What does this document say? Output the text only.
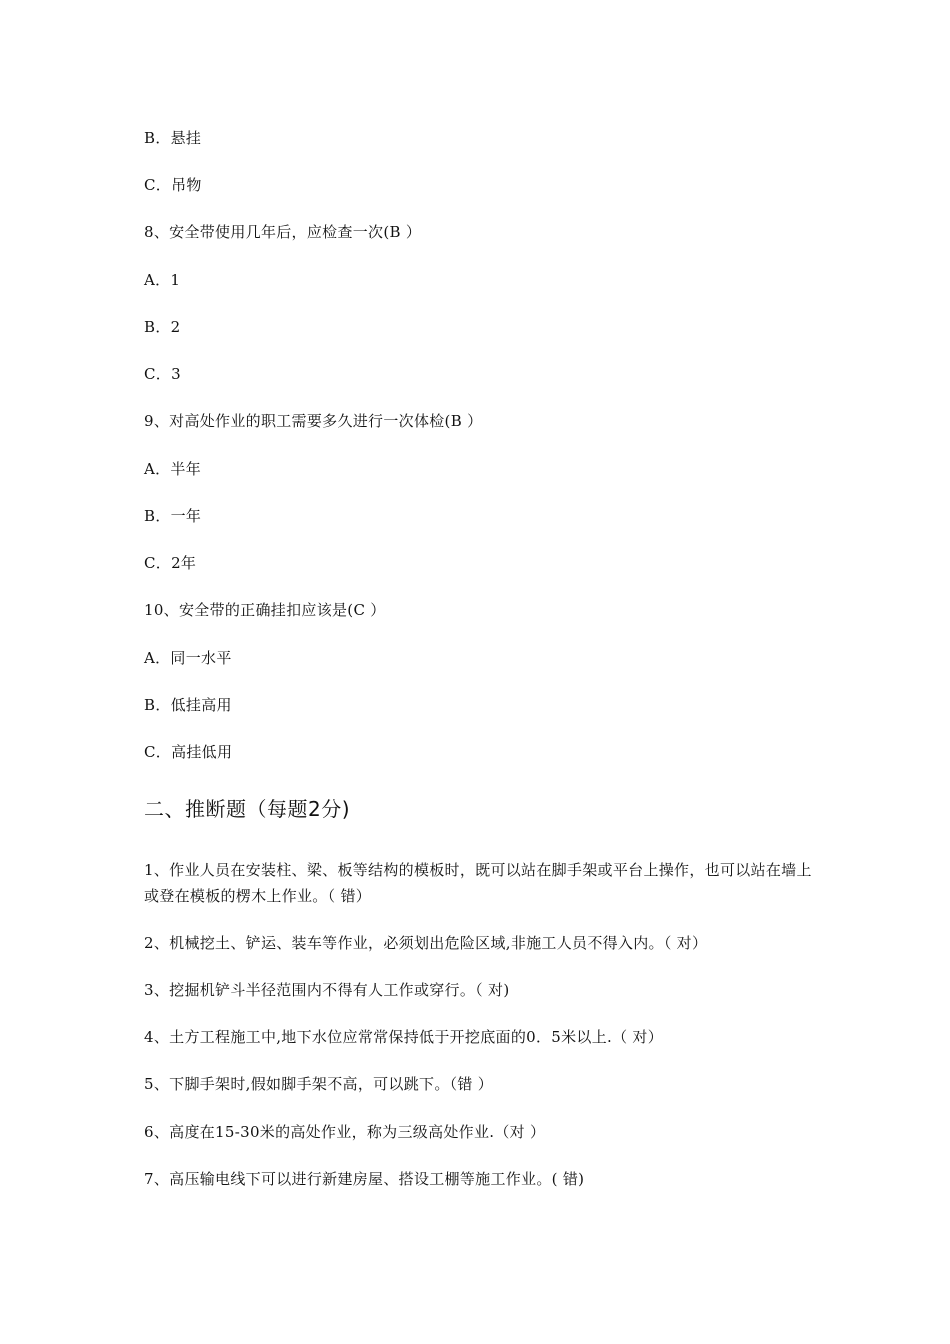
B．悬挂
C．吊物
8、安全带使用几年后，应检查一次(B ）
A．1
B．2
C．3
9、对高处作业的职工需要多久进行一次体检(B ）
A．半年
B．一年
C．2年
10、安全带的正确挂扣应该是(C ）
A．同一水平
B．低挂高用
C．高挂低用
二、推断题（每题2分)
1、作业人员在安装柱、梁、板等结构的模板时，既可以站在脚手架或平台上操作，也可以站在墙上或登在模板的楞木上作业。（ 错）
2、机械挖土、铲运、装车等作业，必须划出危险区域,非施工人员不得入内。（ 对）
3、挖掘机铲斗半径范围内不得有人工作或穿行。（ 对)
4、土方工程施工中,地下水位应常常保持低于开挖底面的0．5米以上.（ 对）
5、下脚手架时,假如脚手架不高，可以跳下。（错 ）
6、高度在15-30米的高处作业，称为三级高处作业.（对 ）
7、高压输电线下可以进行新建房屋、搭设工棚等施工作业。( 错)
